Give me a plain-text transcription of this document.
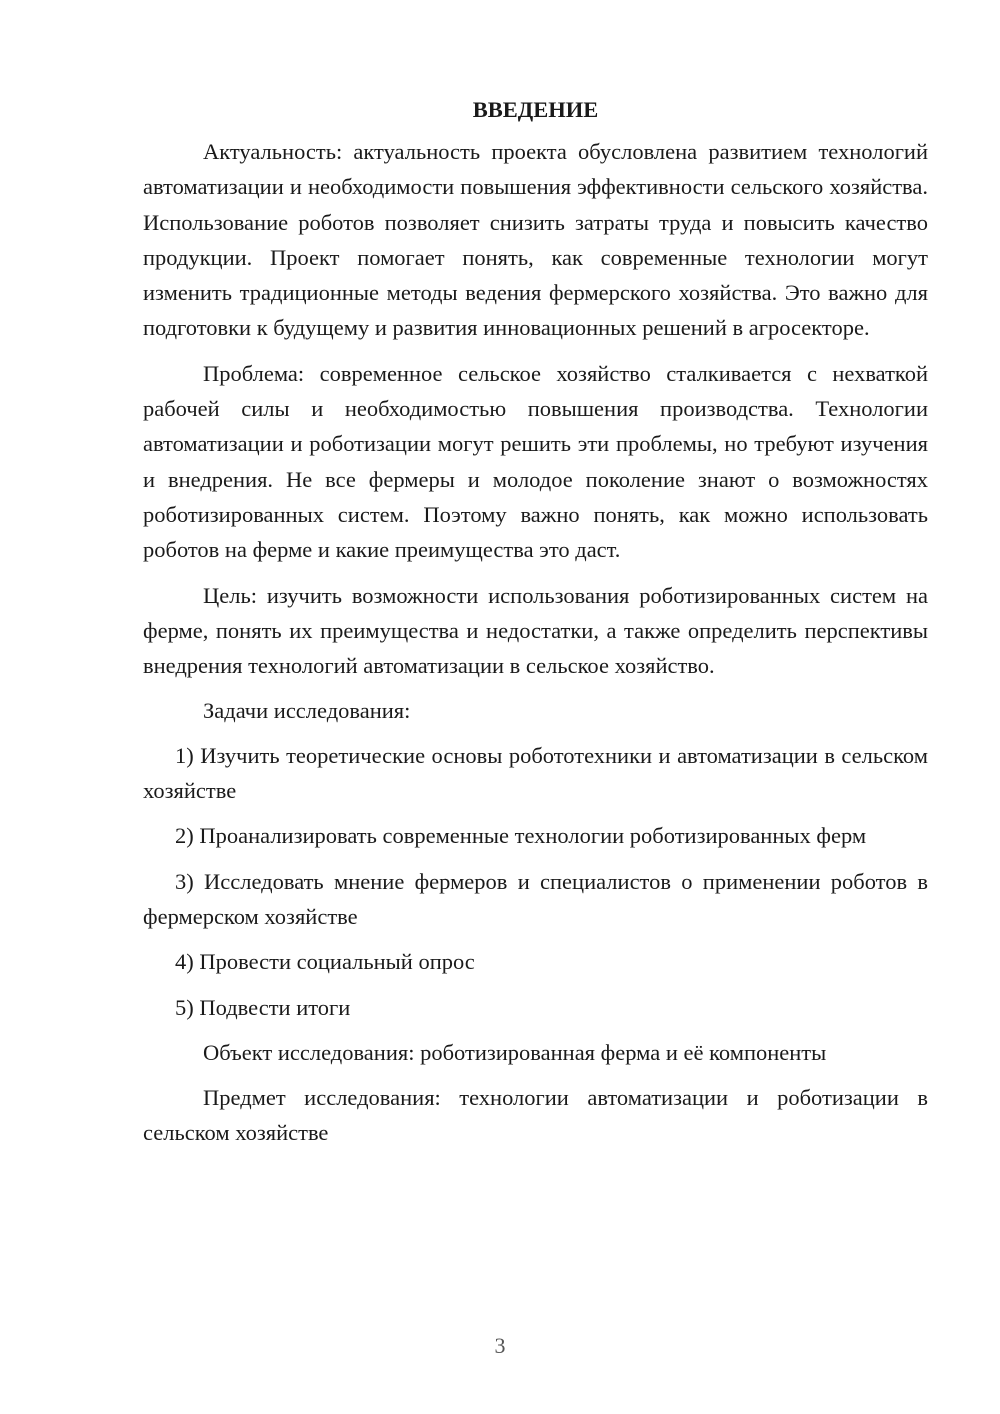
ВВЕДЕНИЕ

Актуальность: актуальность проекта обусловлена развитием технологий автоматизации и необходимости повышения эффективности сельского хозяйства. Использование роботов позволяет снизить затраты труда и повысить качество продукции. Проект помогает понять, как современные технологии могут изменить традиционные методы ведения фермерского хозяйства. Это важно для подготовки к будущему и развития инновационных решений в агросекторе.

Проблема: современное сельское хозяйство сталкивается с нехваткой рабочей силы и необходимостью повышения производства. Технологии автоматизации и роботизации могут решить эти проблемы, но требуют изучения и внедрения. Не все фермеры и молодое поколение знают о возможностях роботизированных систем. Поэтому важно понять, как можно использовать роботов на ферме и какие преимущества это даст.

Цель: изучить возможности использования роботизированных систем на ферме, понять их преимущества и недостатки, а также определить перспективы внедрения технологий автоматизации в сельское хозяйство.

Задачи исследования:

1) Изучить теоретические основы робототехники и автоматизации в сельском хозяйстве

2) Проанализировать современные технологии роботизированных ферм

3) Исследовать мнение фермеров и специалистов о применении роботов в фермерском хозяйстве

4) Провести социальный опрос

5) Подвести итоги

Объект исследования: роботизированная ферма и её компоненты

Предмет исследования: технологии автоматизации и роботизации в сельском хозяйстве

3
